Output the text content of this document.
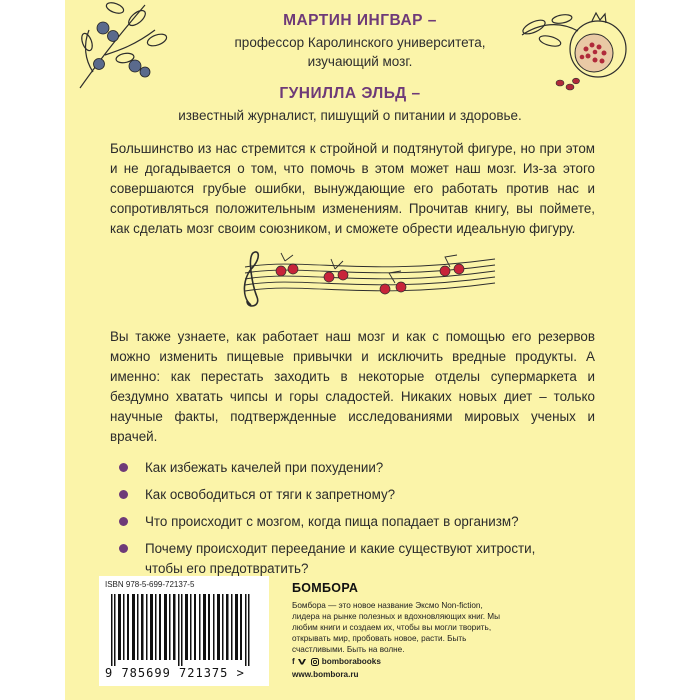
МАРТИН ИНГВАР –
профессор Каролинского университета,
изучающий мозг.
ГУНИЛЛА ЭЛЬД –
известный журналист, пишущий о питании и здоровье.
Большинство из нас стремится к стройной и подтянутой фигуре, но при этом и не догадывается о том, что помочь в этом может наш мозг. Из-за этого совершаются грубые ошибки, вынуждающие его работать против нас и сопротивляться положительным изменениям. Прочитав книгу, вы поймете, как сделать мозг своим союзником, и сможете обрести идеальную фигуру.
Вы также узнаете, как работает наш мозг и как с помощью его резервов можно изменить пищевые привычки и исключить вредные продукты. А именно: как перестать заходить в некоторые отделы супермаркета и бездумно хватать чипсы и горы сладостей. Никаких новых диет – только научные факты, подтвержденные исследованиями мировых ученых и врачей.
Как избежать качелей при похудении?
Как освободиться от тяги к запретному?
Что происходит с мозгом, когда пища попадает в организм?
Почему происходит переедание и какие существуют хитрости, чтобы его предотвратить?
ISBN 978-5-699-72137-5
9 785699 721375 >
БОМБОРА
Бомбора — это новое название Эксмо Non-fiction, лидера на рынке полезных и вдохновляющих книг. Мы любим книги и создаем их, чтобы вы могли творить, открывать мир, пробовать новое, расти. Быть счастливыми. Быть на волне.
f	bomborabooks
www.bombora.ru
